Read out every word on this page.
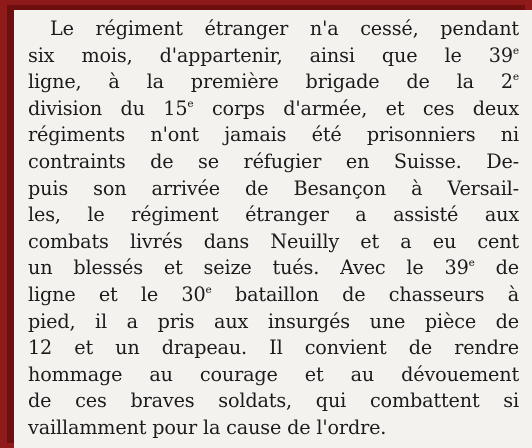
Le régiment étranger n'a cessé, pendant
six mois, d'appartenir, ainsi que le 39e
ligne, à la première brigade de la 2e
division du 15e corps d'armée, et ces deux
régiments n'ont jamais été prisonniers ni
contraints de se réfugier en Suisse. De-
puis son arrivée de Besançon à Versail-
les, le régiment étranger a assisté aux
combats livrés dans Neuilly et a eu cent
un blessés et seize tués. Avec le 39e de
ligne et le 30e bataillon de chasseurs à
pied, il a pris aux insurgés une pièce de
12 et un drapeau. Il convient de rendre
hommage au courage et au dévouement
de ces braves soldats, qui combattent si
vaillamment pour la cause de l'ordre.
